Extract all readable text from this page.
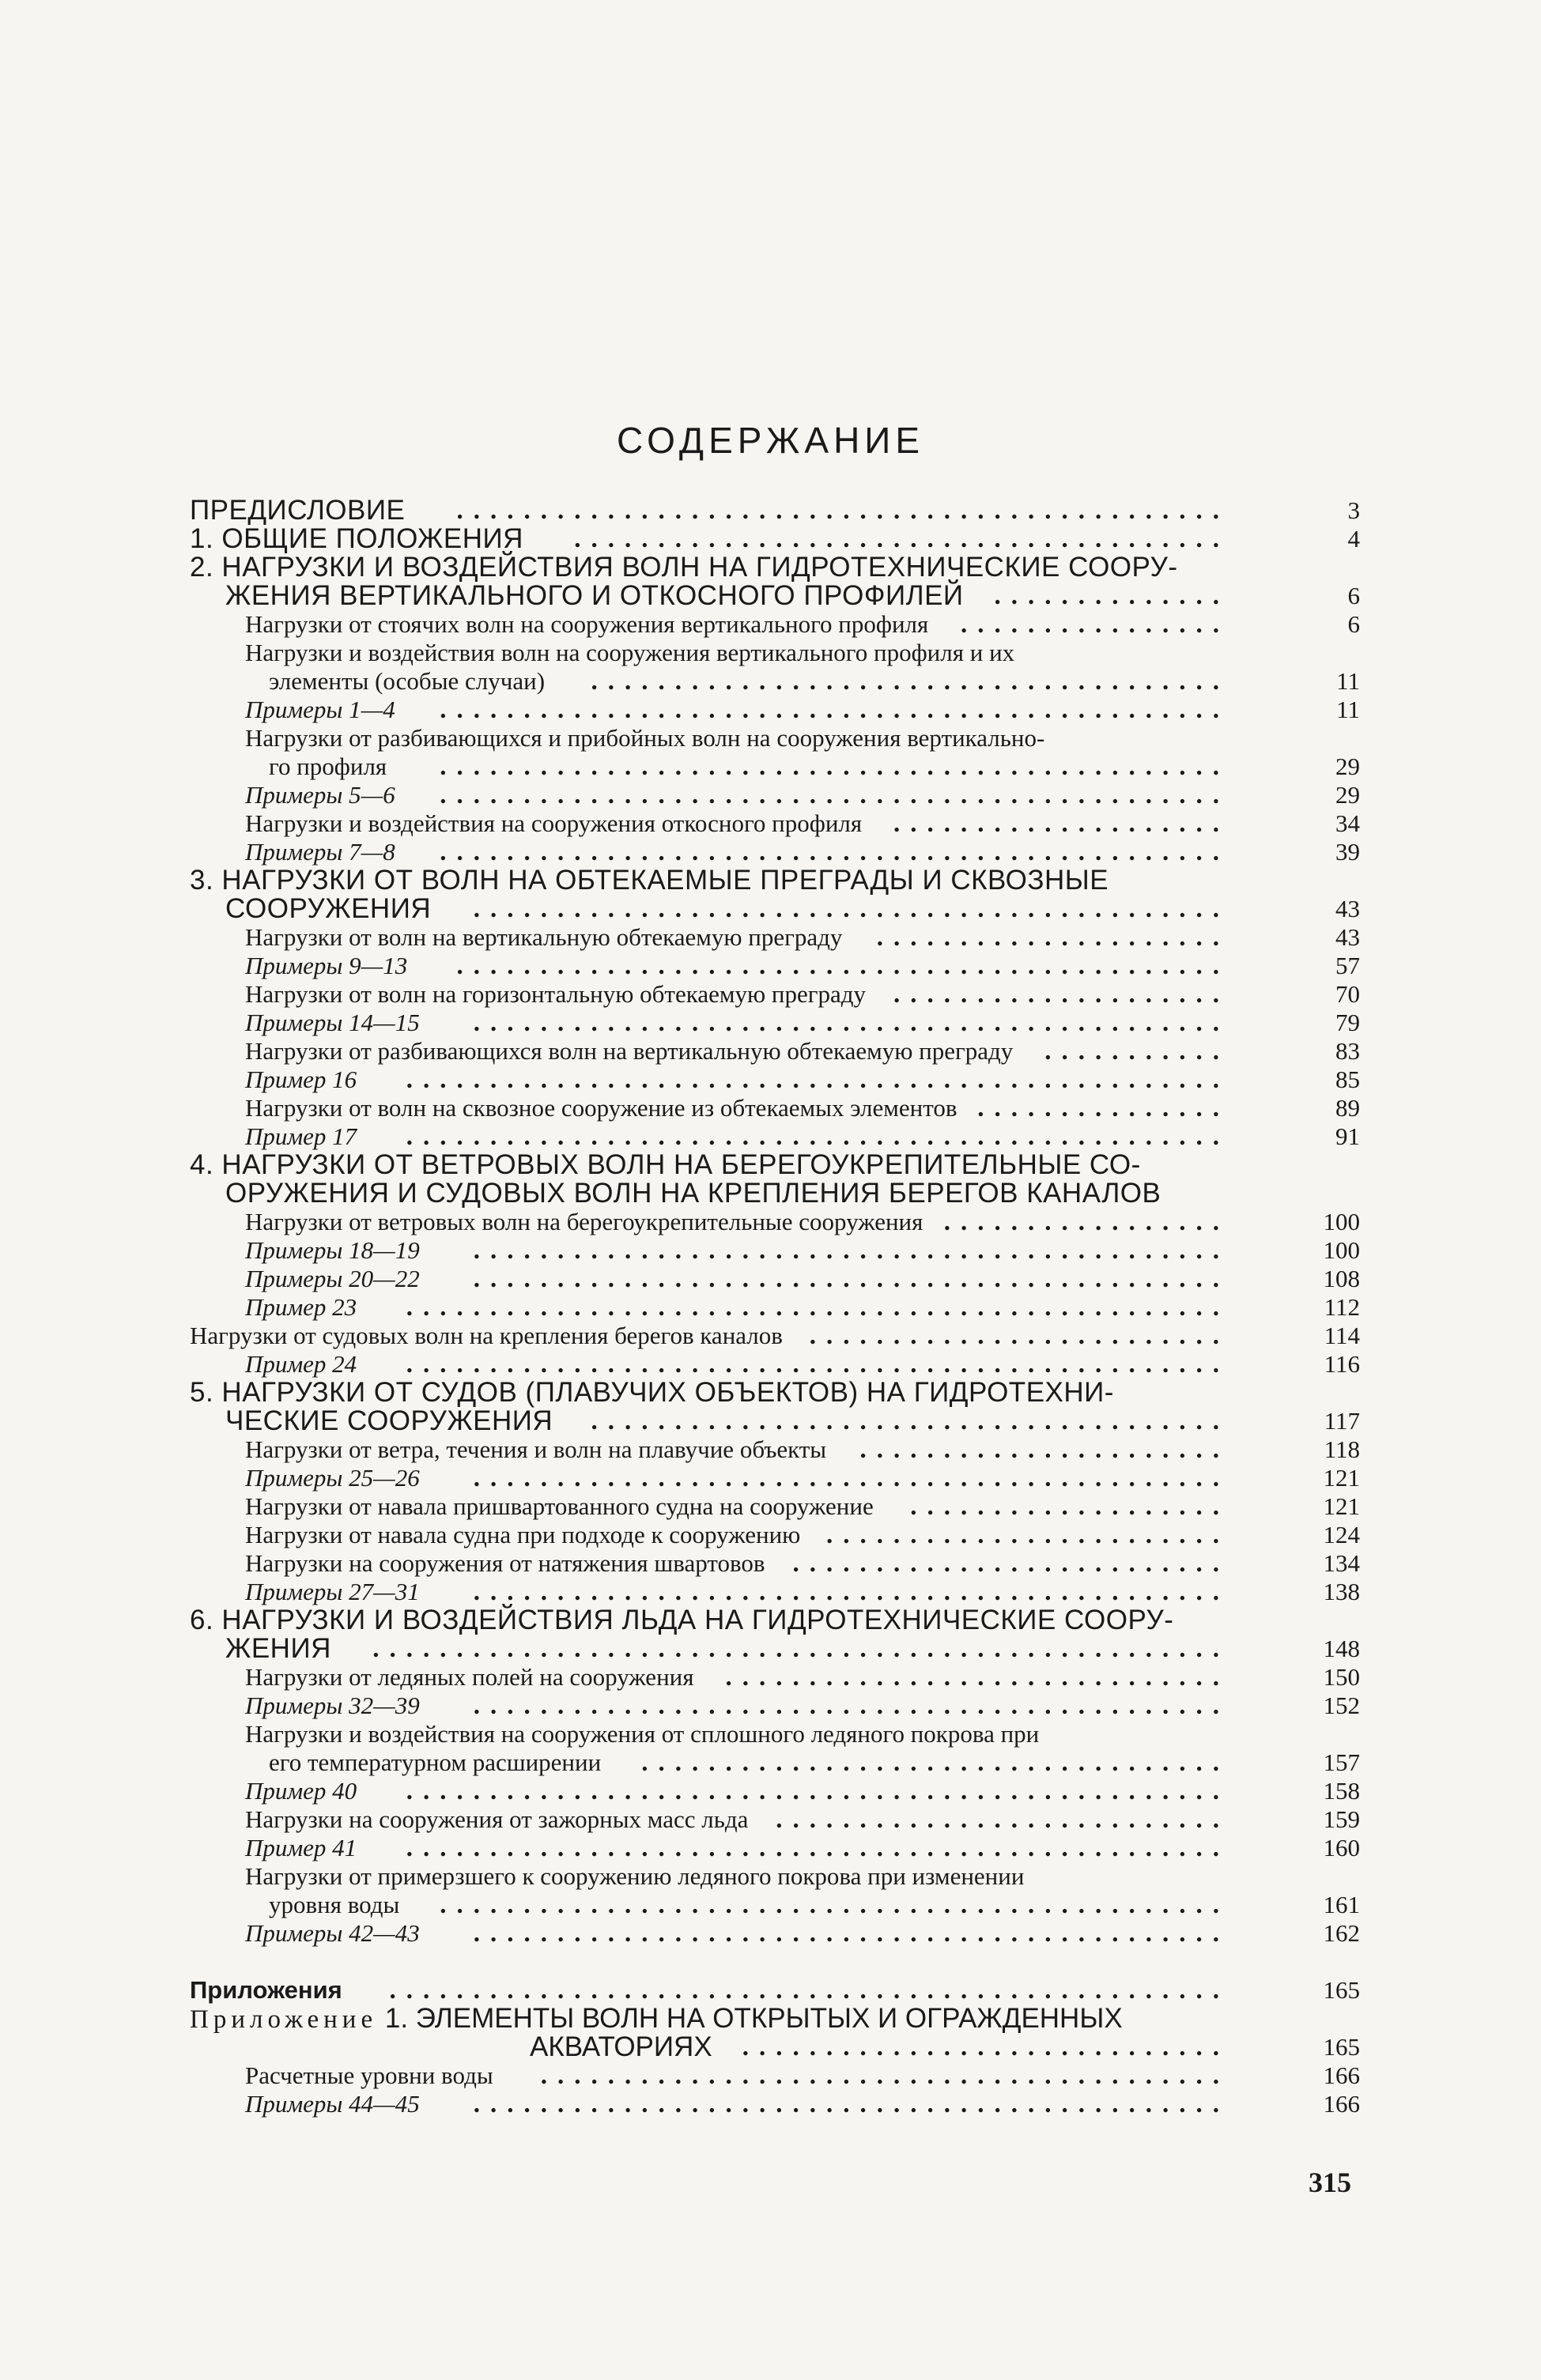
СОДЕРЖАНИЕ
ПРЕДИСЛОВИЕ ..............................................	3
1. ОБЩИЕ ПОЛОЖЕНИЯ .......................................	4
2. НАГРУЗКИ И ВОЗДЕЙСТВИЯ ВОЛН НА ГИДРОТЕХНИЧЕСКИЕ СООРУ-
ЖЕНИЯ ВЕРТИКАЛЬНОГО И ОТКОСНОГО ПРОФИЛЕЙ ..............	6
Нагрузки от стоячих волн на сооружения вертикального профиля ................	6
Нагрузки и воздействия волн на сооружения вертикального профиля и их
элементы (особые случаи) ......................................	11
Примеры 1—4 ...............................................	11
Нагрузки от разбивающихся и прибойных волн на сооружения вертикально-
го профиля ...............................................	29
Примеры 5—6 ...............................................	29
Нагрузки и воздействия на сооружения откосного профиля ....................	34
Примеры 7—8 ...............................................	39
3. НАГРУЗКИ ОТ ВОЛН НА ОБТЕКАЕМЫЕ ПРЕГРАДЫ И СКВОЗНЫЕ
СООРУЖЕНИЯ .............................................	43
Нагрузки от волн на вертикальную обтекаемую преграду .....................	43
Примеры 9—13 ..............................................	57
Нагрузки от волн на горизонтальную обтекаемую преграду ....................	70
Примеры 14—15 .............................................	79
Нагрузки от разбивающихся волн на вертикальную обтекаемую преграду ...........	83
Пример 16 .................................................	85
Нагрузки от волн на сквозное сооружение из обтекаемых элементов ...............	89
Пример 17 .................................................	91
4. НАГРУЗКИ ОТ ВЕТРОВЫХ ВОЛН НА БЕРЕГОУКРЕПИТЕЛЬНЫЕ СО-
ОРУЖЕНИЯ И СУДОВЫХ ВОЛН НА КРЕПЛЕНИЯ БЕРЕГОВ КАНАЛОВ
Нагрузки от ветровых волн на берегоукрепительные сооружения .................	100
Примеры 18—19 .............................................	100
Примеры 20—22 .............................................	108
Пример 23 .................................................	112
Нагрузки от судовых волн на крепления берегов каналов .........................	114
Пример 24 .................................................	116
5. НАГРУЗКИ ОТ СУДОВ (ПЛАВУЧИХ ОБЪЕКТОВ) НА ГИДРОТЕХНИ-
ЧЕСКИЕ СООРУЖЕНИЯ ......................................	117
Нагрузки от ветра, течения и волн на плавучие объекты ......................	118
Примеры 25—26 .............................................	121
Нагрузки от навала пришвартованного судна на сооружение ...................	121
Нагрузки от навала судна при подходе к сооружению ........................	124
Нагрузки на сооружения от натяжения швартовов ..........................	134
Примеры 27—31 .............................................	138
6. НАГРУЗКИ И ВОЗДЕЙСТВИЯ ЛЬДА НА ГИДРОТЕХНИЧЕСКИЕ СООРУ-
ЖЕНИЯ ...................................................	148
Нагрузки от ледяных полей на сооружения ..............................	150
Примеры 32—39 .............................................	152
Нагрузки и воздействия на сооружения от сплошного ледяного покрова при
его температурном расширении ...................................	157
Пример 40 .................................................	158
Нагрузки на сооружения от зажорных масс льда ...........................	159
Пример 41 .................................................	160
Нагрузки от примерзшего к сооружению ледяного покрова при изменении
уровня воды ...............................................	161
Примеры 42—43 .............................................	162
Приложения ..................................................	165
Приложение 1. ЭЛЕМЕНТЫ ВОЛН НА ОТКРЫТЫХ И ОГРАЖДЕННЫХ
АКВАТОРИЯХ .............................	165
Расчетные уровни воды .........................................	166
Примеры 44—45 .............................................	166
315
